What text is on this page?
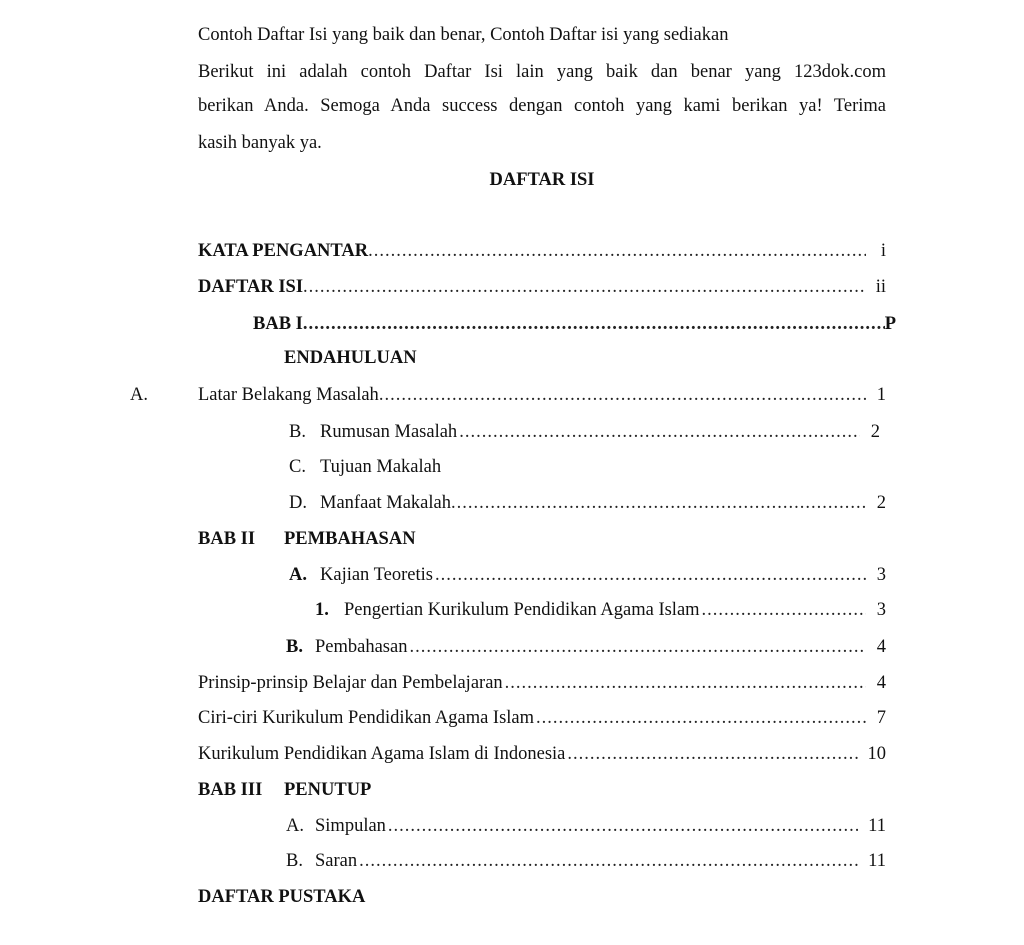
Contoh Daftar Isi yang baik dan benar, Contoh Daftar isi yang sediakan
Berikut ini adalah contoh Daftar Isi lain yang baik dan benar yang 123dok.com
berikan Anda. Semoga Anda success dengan contoh yang kami berikan ya! Terima
kasih banyak ya.
DAFTAR ISI
KATA PENGANTAR .....	i
DAFTAR ISI .....	ii
BAB I .....	P
ENDAHULUAN
A.	Latar Belakang Masalah .....	1
B. Rumusan Masalah .....	2
C. Tujuan Makalah
D. Manfaat Makalah .....	2
BAB II PEMBAHASAN
A. Kajian Teoretis .....	3
1. Pengertian Kurikulum Pendidikan Agama Islam .....	3
B. Pembahasan .....	4
Prinsip-prinsip Belajar dan Pembelajaran .....	4
Ciri-ciri Kurikulum Pendidikan Agama Islam .....	7
Kurikulum Pendidikan Agama Islam di Indonesia .....	10
BAB III PENUTUP
A. Simpulan .....	11
B. Saran .....	11
DAFTAR PUSTAKA
